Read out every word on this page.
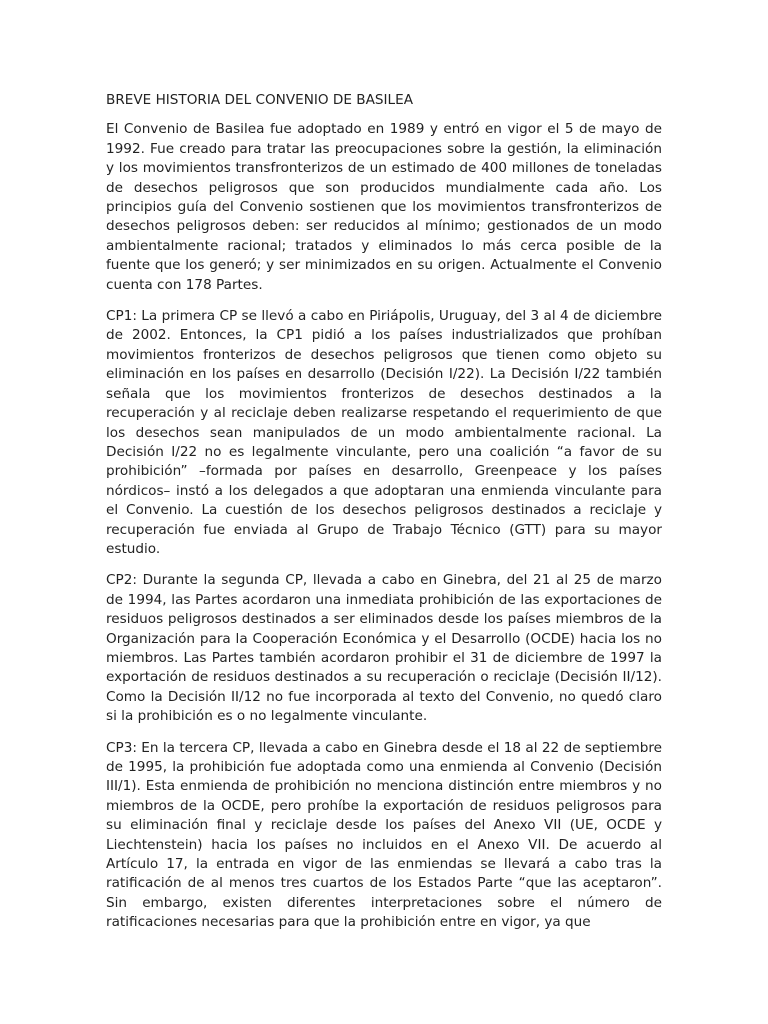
BREVE HISTORIA DEL CONVENIO DE BASILEA

El Convenio de Basilea fue adoptado en 1989 y entró en vigor el 5 de mayo de 1992. Fue creado para tratar las preocupaciones sobre la gestión, la eliminación y los movimientos transfronterizos de un estimado de 400 millones de toneladas de desechos peligrosos que son producidos mundialmente cada año. Los principios guía del Convenio sostienen que los movimientos transfronterizos de desechos peligrosos deben: ser reducidos al mínimo; gestionados de un modo ambientalmente racional; tratados y eliminados lo más cerca posible de la fuente que los generó; y ser minimizados en su origen. Actualmente el Convenio cuenta con 178 Partes.

CP1: La primera CP se llevó a cabo en Piriápolis, Uruguay, del 3 al 4 de diciembre de 2002. Entonces, la CP1 pidió a los países industrializados que prohíban movimientos fronterizos de desechos peligrosos que tienen como objeto su eliminación en los países en desarrollo (Decisión I/22). La Decisión I/22 también señala que los movimientos fronterizos de desechos destinados a la recuperación y al reciclaje deben realizarse respetando el requerimiento de que los desechos sean manipulados de un modo ambientalmente racional. La Decisión I/22 no es legalmente vinculante, pero una coalición “a favor de su prohibición” –formada por países en desarrollo, Greenpeace y los países nórdicos– instó a los delegados a que adoptaran una enmienda vinculante para el Convenio. La cuestión de los desechos peligrosos destinados a reciclaje y recuperación fue enviada al Grupo de Trabajo Técnico (GTT) para su mayor estudio.

CP2: Durante la segunda CP, llevada a cabo en Ginebra, del 21 al 25 de marzo de 1994, las Partes acordaron una inmediata prohibición de las exportaciones de residuos peligrosos destinados a ser eliminados desde los países miembros de la Organización para la Cooperación Económica y el Desarrollo (OCDE) hacia los no miembros. Las Partes también acordaron prohibir el 31 de diciembre de 1997 la exportación de residuos destinados a su recuperación o reciclaje (Decisión II/12). Como la Decisión II/12 no fue incorporada al texto del Convenio, no quedó claro si la prohibición es o no legalmente vinculante.

CP3: En la tercera CP, llevada a cabo en Ginebra desde el 18 al 22 de septiembre de 1995, la prohibición fue adoptada como una enmienda al Convenio (Decisión III/1). Esta enmienda de prohibición no menciona distinción entre miembros y no miembros de la OCDE, pero prohíbe la exportación de residuos peligrosos para su eliminación final y reciclaje desde los países del Anexo VII (UE, OCDE y Liechtenstein) hacia los países no incluidos en el Anexo VII. De acuerdo al Artículo 17, la entrada en vigor de las enmiendas se llevará a cabo tras la ratificación de al menos tres cuartos de los Estados Parte “que las aceptaron”. Sin embargo, existen diferentes interpretaciones sobre el número de ratificaciones necesarias para que la prohibición entre en vigor, ya que
